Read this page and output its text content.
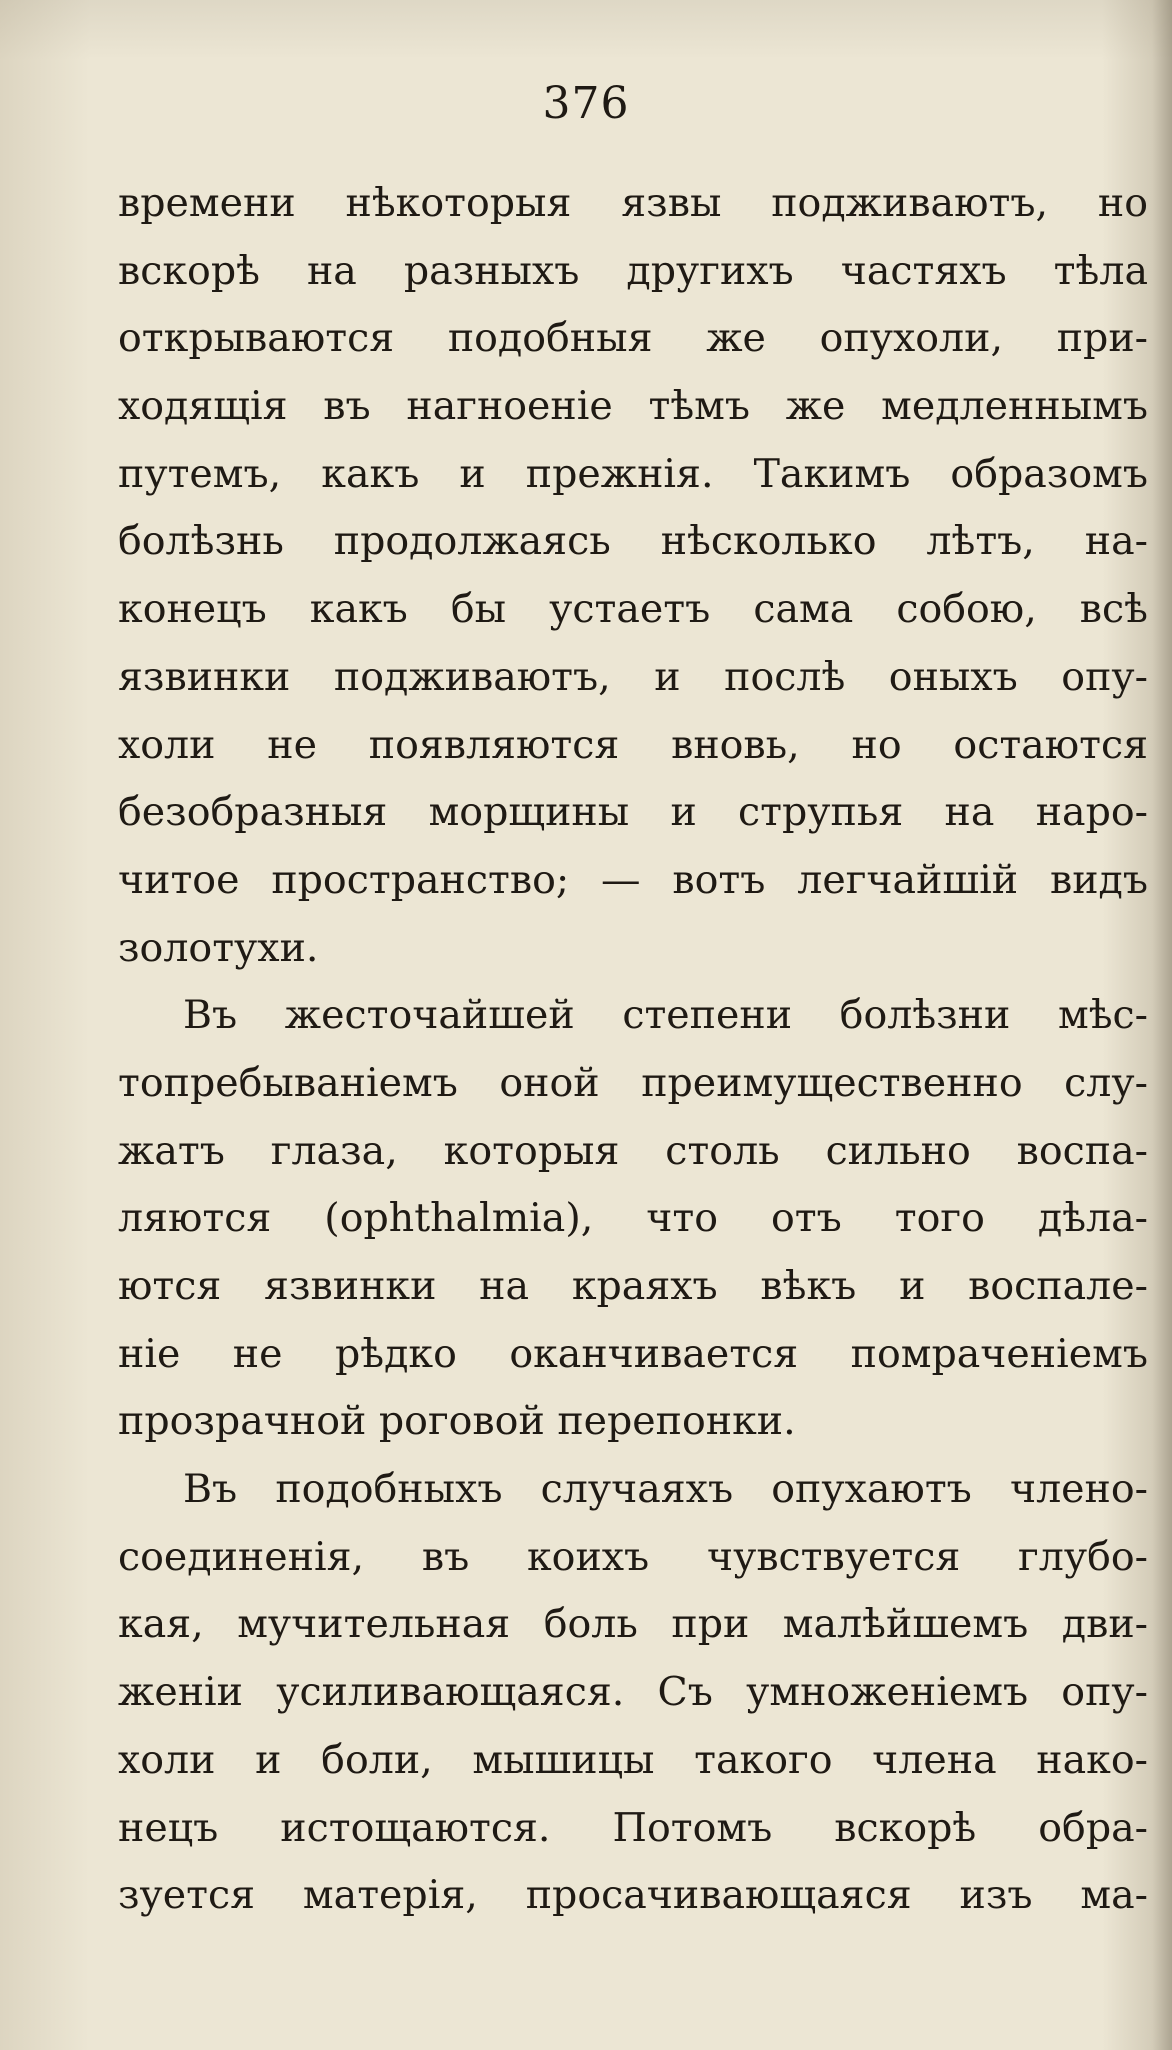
376
времени нѣкоторыя язвы подживаютъ, но
вскорѣ на разныхъ другихъ частяхъ тѣла
открываются подобныя же опухоли, при-
ходящія въ нагноеніе тѣмъ же медленнымъ
путемъ, какъ и прежнія. Такимъ образомъ
болѣзнь продолжаясь нѣсколько лѣтъ, на-
конецъ какъ бы устаетъ сама собою, всѣ
язвинки подживаютъ, и послѣ оныхъ опу-
холи не появляются вновь, но остаются
безобразныя морщины и струпья на наро-
читое пространство; — вотъ легчайшій видъ
золотухи.
Въ жесточайшей степени болѣзни мѣс-
топребываніемъ оной преимущественно слу-
жатъ глаза, которыя столь сильно воспа-
ляются (ophthalmia), что отъ того дѣла-
ются язвинки на краяхъ вѣкъ и воспале-
ніе не рѣдко оканчивается помраченіемъ
прозрачной роговой перепонки.
Въ подобныхъ случаяхъ опухаютъ члено-
соединенія, въ коихъ чувствуется глубо-
кая, мучительная боль при малѣйшемъ дви-
женіи усиливающаяся. Съ умноженіемъ опу-
холи и боли, мышицы такого члена нако-
нецъ истощаются. Потомъ вскорѣ обра-
зуется матерія, просачивающаяся изъ ма-
